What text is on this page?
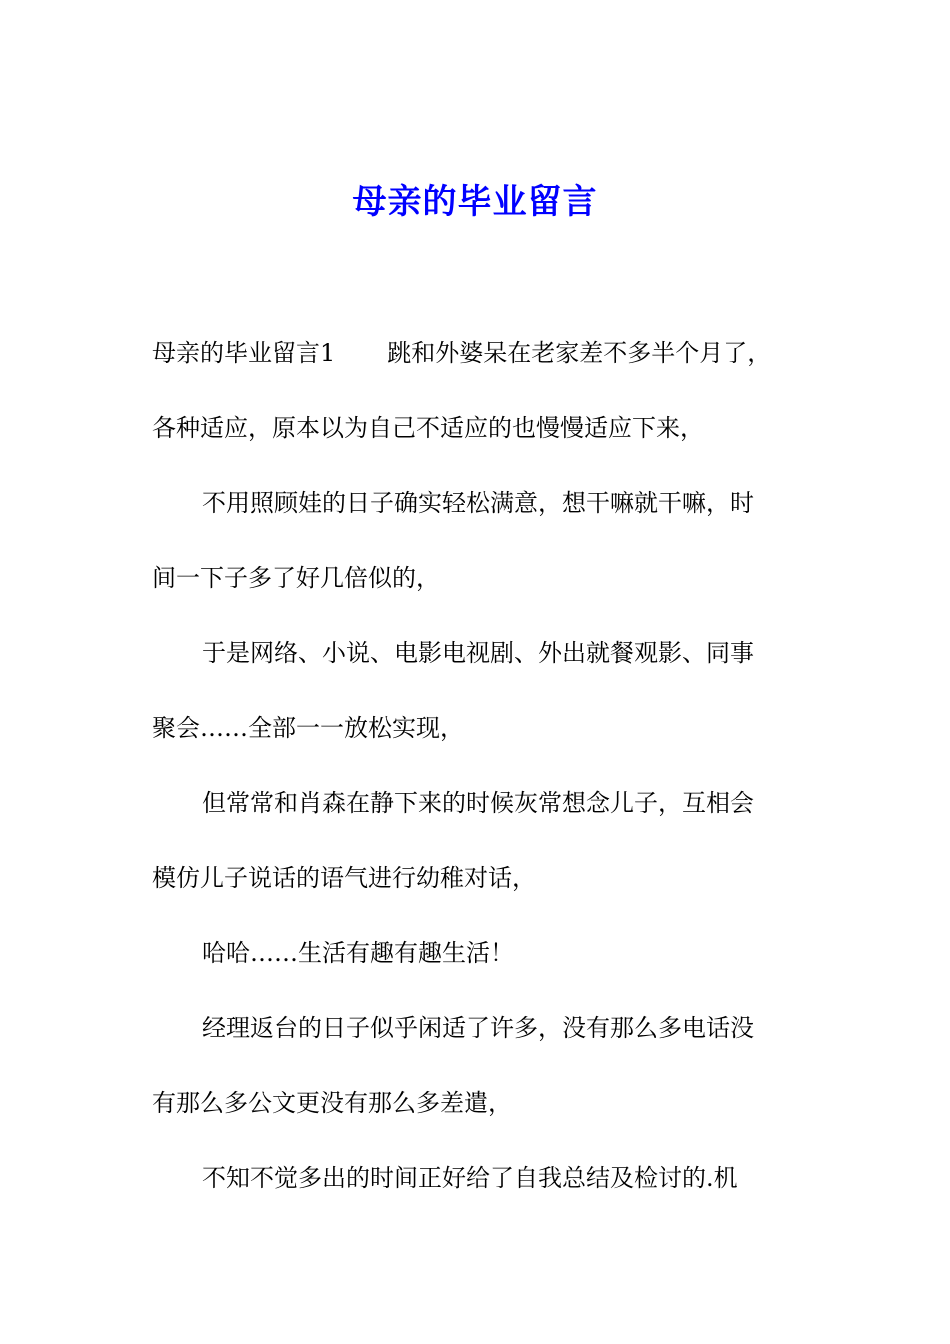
母亲的毕业留言
母亲的毕业留言1 跳和外婆呆在老家差不多半个月了，
各种适应，原本以为自己不适应的也慢慢适应下来，
不用照顾娃的日子确实轻松满意，想干嘛就干嘛，时
间一下子多了好几倍似的，
于是网络、小说、电影电视剧、外出就餐观影、同事
聚会……全部一一放松实现，
但常常和肖森在静下来的时候灰常想念儿子，互相会
模仿儿子说话的语气进行幼稚对话，
哈哈……生活有趣有趣生活！
经理返台的日子似乎闲适了许多，没有那么多电话没
有那么多公文更没有那么多差遣，
不知不觉多出的时间正好给了自我总结及检讨的.机
